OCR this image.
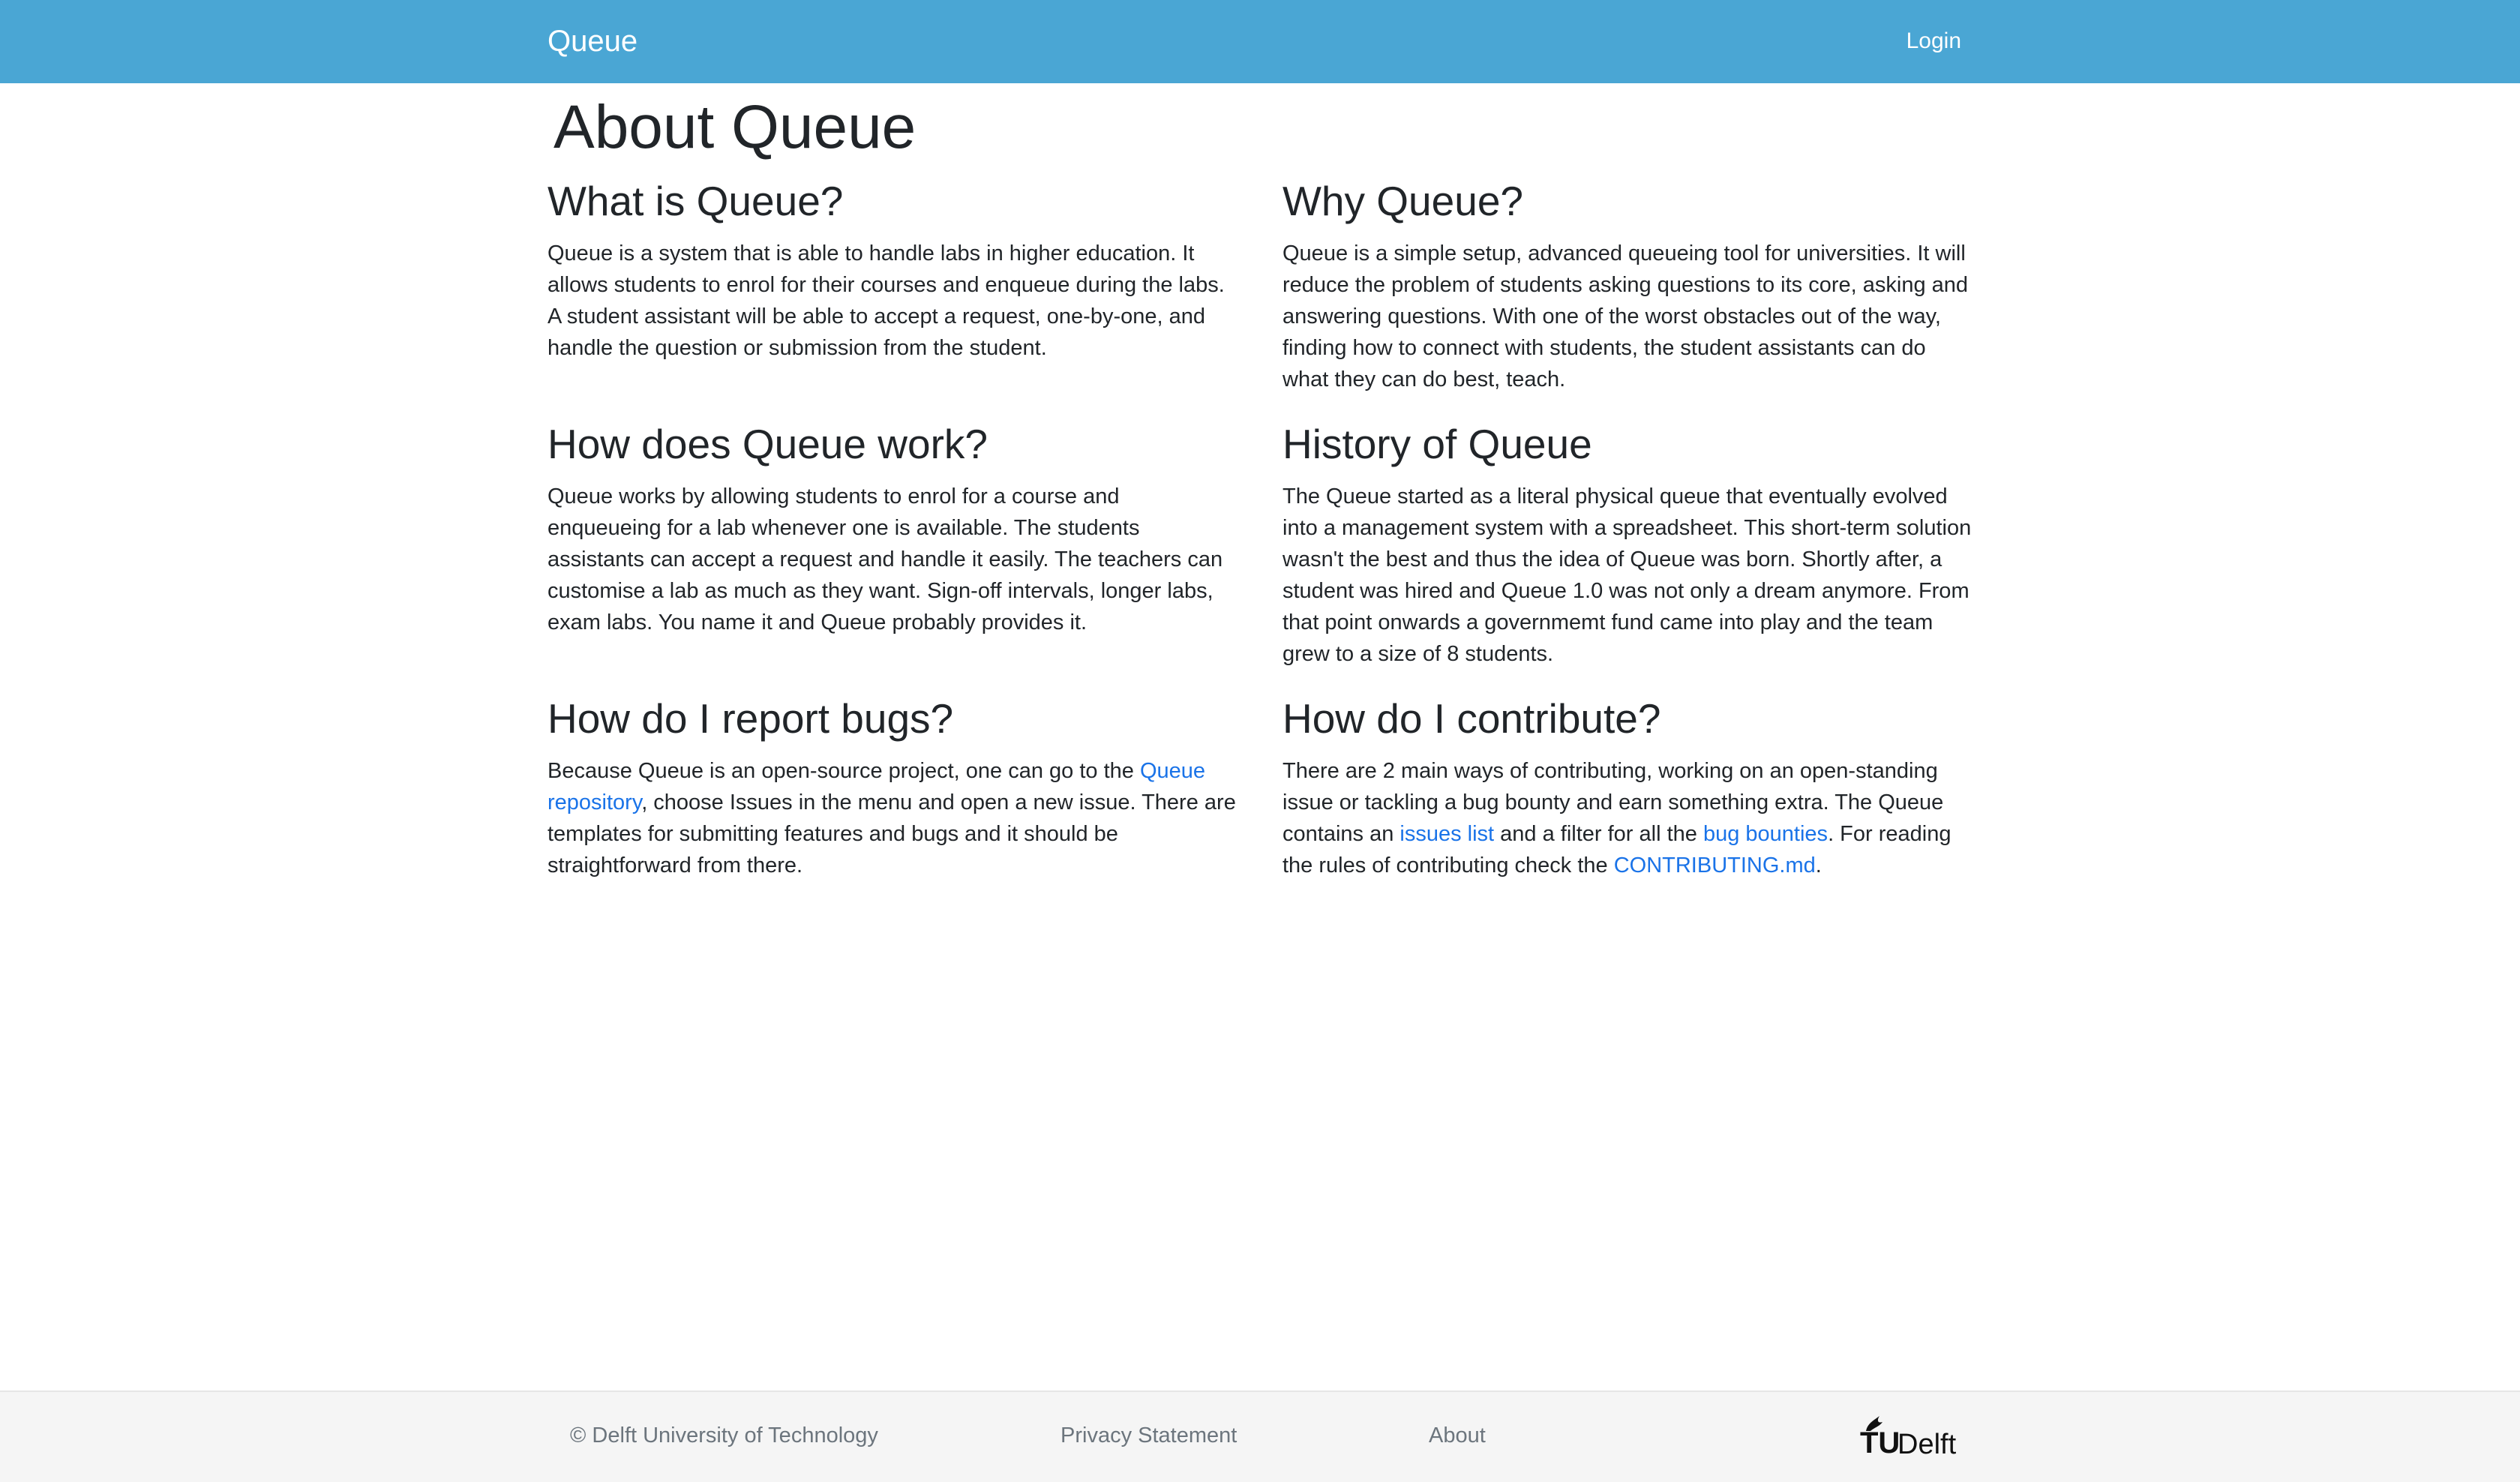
Queue	Login
About Queue
What is Queue?

Queue is a system that is able to handle labs in higher education. It allows students to enrol for their courses and enqueue during the labs. A student assistant will be able to accept a request, one-by-one, and handle the question or submission from the student.

How does Queue work?

Queue works by allowing students to enrol for a course and enqueueing for a lab whenever one is available. The students assistants can accept a request and handle it easily. The teachers can customise a lab as much as they want. Sign-off intervals, longer labs, exam labs. You name it and Queue probably provides it.

How do I report bugs?

Because Queue is an open-source project, one can go to the Queue repository, choose Issues in the menu and open a new issue. There are templates for submitting features and bugs and it should be straightforward from there.

Why Queue?

Queue is a simple setup, advanced queueing tool for universities. It will reduce the problem of students asking questions to its core, asking and answering questions. With one of the worst obstacles out of the way, finding how to connect with students, the student assistants can do what they can do best, teach.

History of Queue

The Queue started as a literal physical queue that eventually evolved into a management system with a spreadsheet. This short-term solution wasn't the best and thus the idea of Queue was born. Shortly after, a student was hired and Queue 1.0 was not only a dream anymore. From that point onwards a governmemt fund came into play and the team grew to a size of 8 students.

How do I contribute?

There are 2 main ways of contributing, working on an open-standing issue or tackling a bug bounty and earn something extra. The Queue contains an issues list and a filter for all the bug bounties. For reading the rules of contributing check the CONTRIBUTING.md.

© Delft University of Technology	Privacy Statement	About	TU
Delft
